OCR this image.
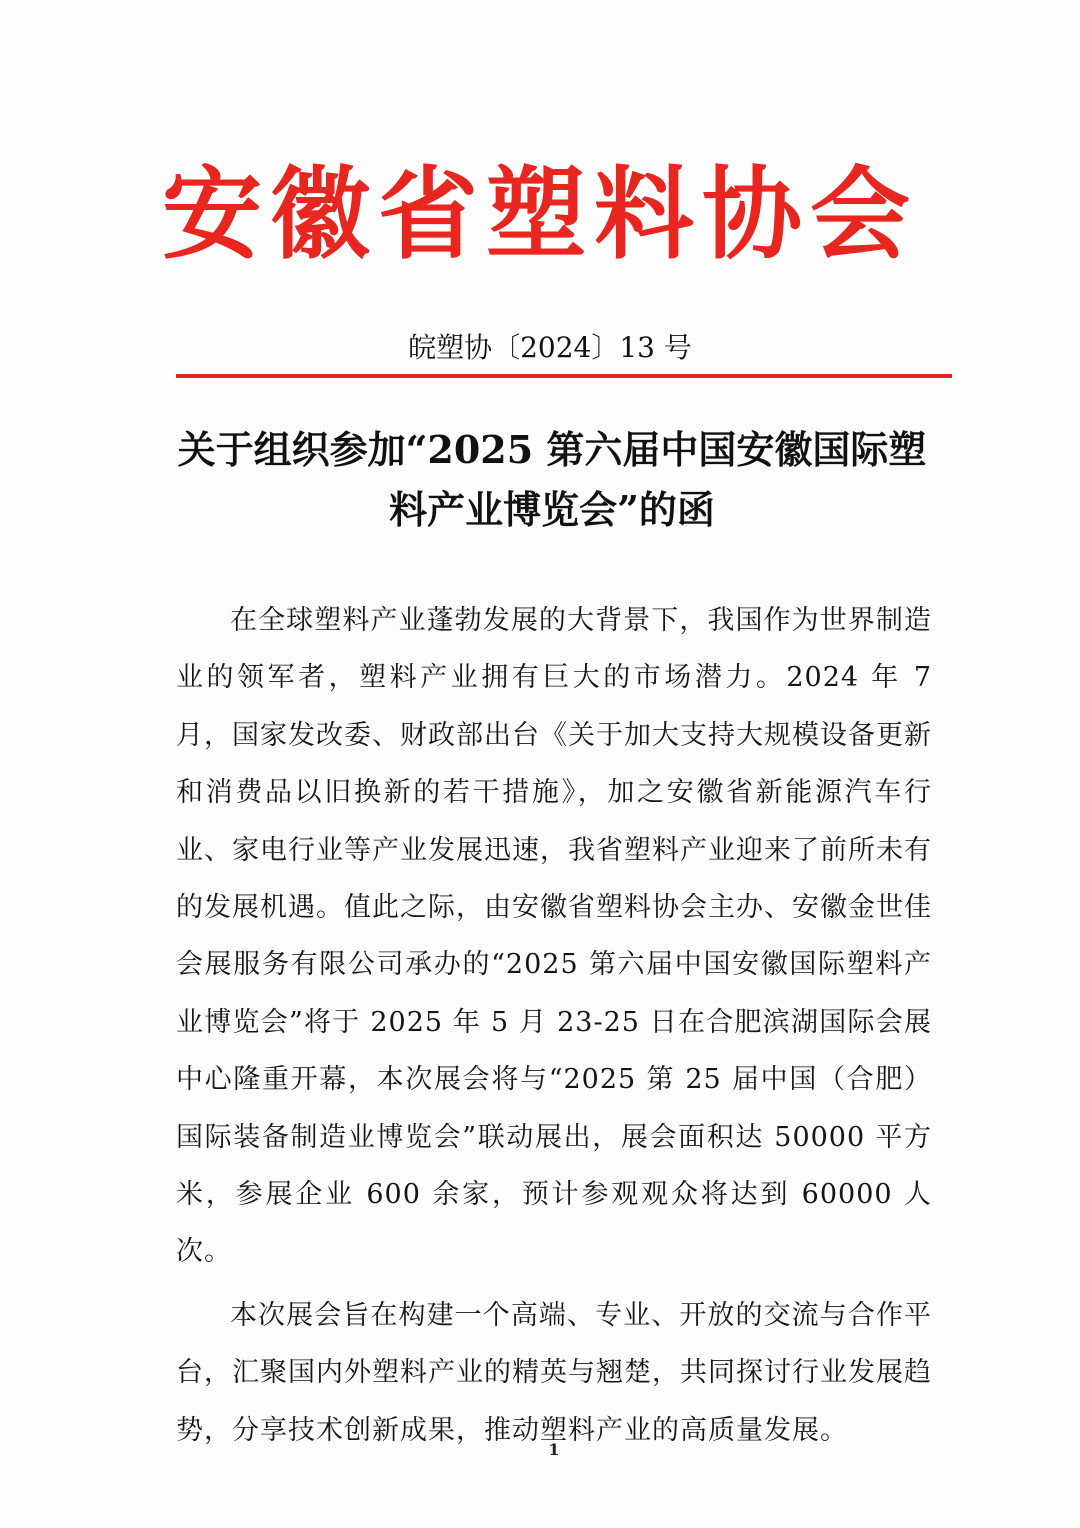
安徽省塑料协会
皖塑协〔2024〕13 号
关于组织参加“2025 第六届中国安徽国际塑
料产业博览会”的函

在全球塑料产业蓬勃发展的大背景下，我国作为世界制造业的领军者，塑料产业拥有巨大的市场潜力。2024 年 7 月，国家发改委、财政部出台《关于加大支持大规模设备更新和消费品以旧换新的若干措施》，加之安徽省新能源汽车行业、家电行业等产业发展迅速，我省塑料产业迎来了前所未有的发展机遇。值此之际，由安徽省塑料协会主办、安徽金世佳会展服务有限公司承办的“2025 第六届中国安徽国际塑料产业博览会”将于 2025 年 5 月 23-25 日在合肥滨湖国际会展中心隆重开幕，本次展会将与“2025 第 25 届中国（合肥）国际装备制造业博览会”联动展出，展会面积达 50000 平方米，参展企业 600 余家，预计参观观众将达到 60000 人次。

本次展会旨在构建一个高端、专业、开放的交流与合作平台，汇聚国内外塑料产业的精英与翘楚，共同探讨行业发展趋势，分享技术创新成果，推动塑料产业的高质量发展。

1
